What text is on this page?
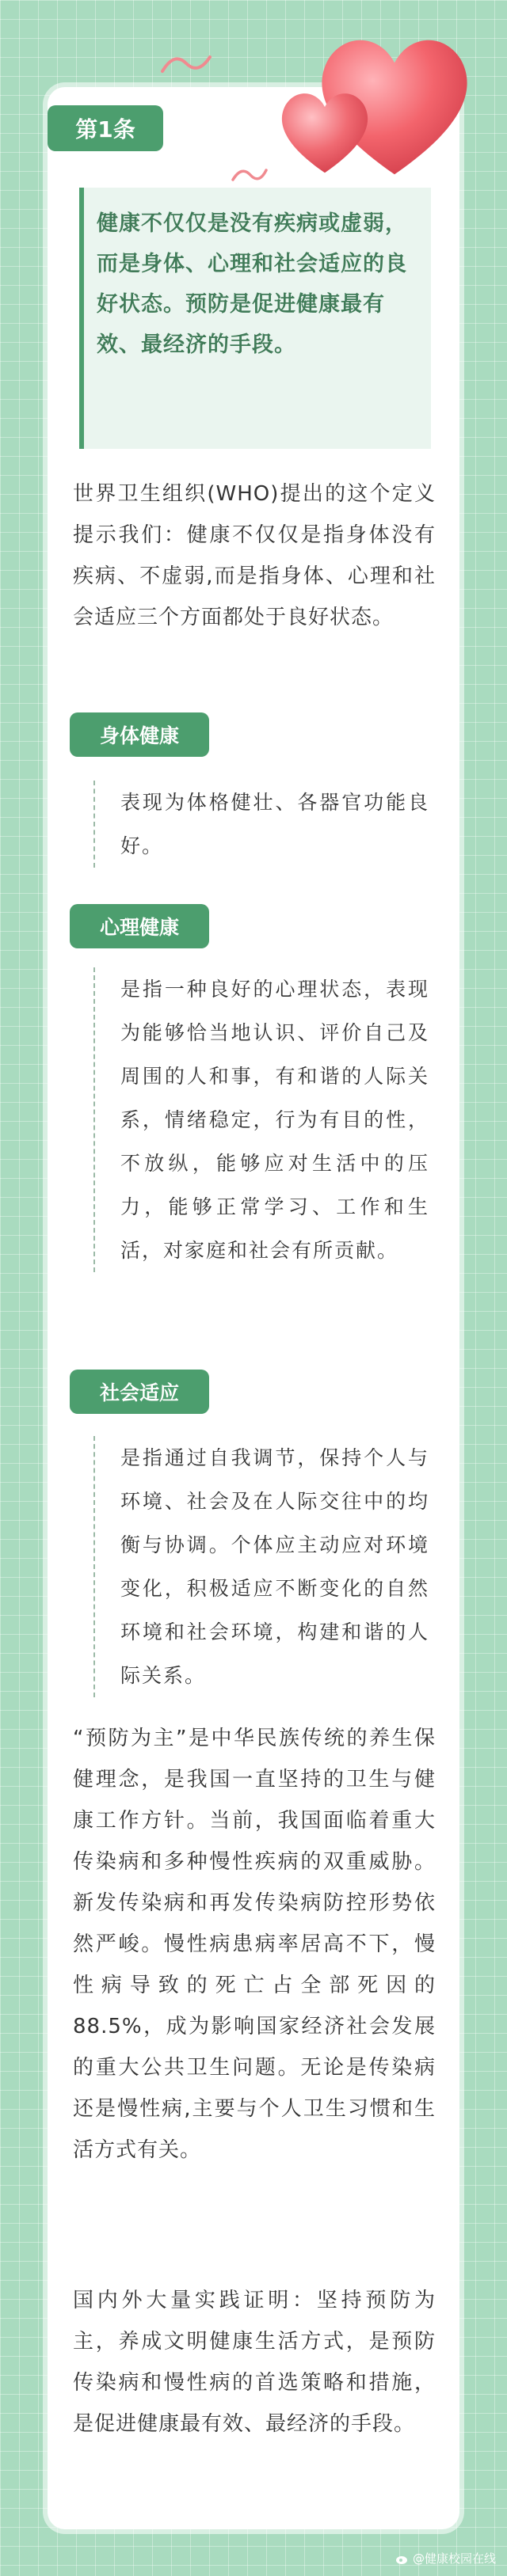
第1条
健康不仅仅是没有疾病或虚弱，而是身体、心理和社会适应的良好状态。预防是促进健康最有效、最经济的手段。
世界卫生组织(WHO)提出的这个定义提示我们：健康不仅仅是指身体没有疾病、不虚弱,而是指身体、心理和社会适应三个方面都处于良好状态。
身体健康
表现为体格健壮、各器官功能良好。
心理健康
是指一种良好的心理状态，表现为能够恰当地认识、评价自己及周围的人和事，有和谐的人际关系，情绪稳定，行为有目的性，不放纵，能够应对生活中的压力，能够正常学习、工作和生活，对家庭和社会有所贡献。
社会适应
是指通过自我调节，保持个人与环境、社会及在人际交往中的均衡与协调。个体应主动应对环境变化，积极适应不断变化的自然环境和社会环境，构建和谐的人际关系。
“预防为主”是中华民族传统的养生保健理念，是我国一直坚持的卫生与健康工作方针。当前，我国面临着重大传染病和多种慢性疾病的双重威胁。新发传染病和再发传染病防控形势依然严峻。慢性病患病率居高不下，慢性病导致的死亡占全部死因的88.5%，成为影响国家经济社会发展的重大公共卫生问题。无论是传染病还是慢性病,主要与个人卫生习惯和生活方式有关。
国内外大量实践证明：坚持预防为主，养成文明健康生活方式，是预防传染病和慢性病的首选策略和措施，是促进健康最有效、最经济的手段。
@健康校园在线
